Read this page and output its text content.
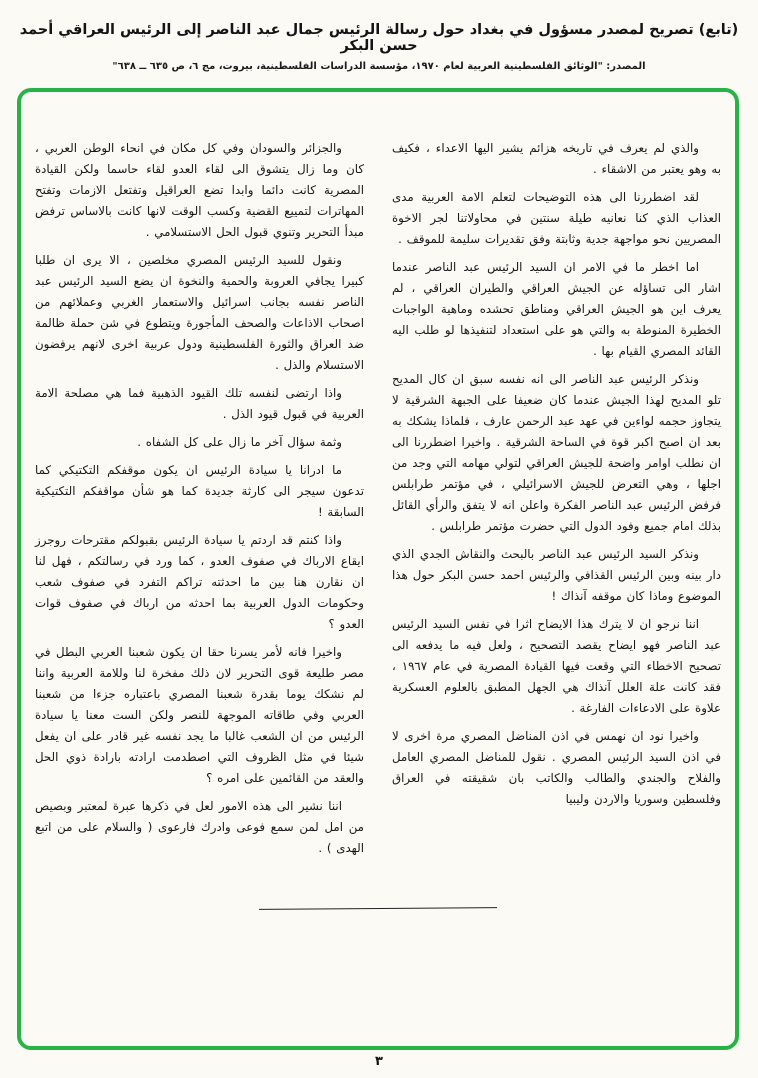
(تابع) تصريح لمصدر مسؤول في بغداد حول رسالة الرئيس جمال عبد الناصر إلى الرئيس العراقي أحمد حسن البكر
المصدر: "الوثائق الفلسطينية العربية لعام ١٩٧٠، مؤسسة الدراسات الفلسطينية، بيروت، مج ٦، ص ٦٣٥ ــ ٦٣٨"

والذي لم يعرف في تاريخه هزائم يشير اليها الاعداء ، فكيف به وهو يعتبر من الاشقاء .

لقد اضطررنا الى هذه التوضيحات لتعلم الامة العربية مدى العذاب الذي كنا نعانيه طيلة سنتين في محاولاتنا لجر الاخوة المصريين نحو مواجهة جدية وثابتة وفق تقديرات سليمة للموقف .

اما اخطر ما في الامر ان السيد الرئيس عبد الناصر عندما اشار الى تساؤله عن الجيش العراقي والطيران العراقي ، لم يعرف اين هو الجيش العراقي ومناطق تحشده وماهية الواجبات الخطيرة المنوطة به والتي هو على استعداد لتنفيذها لو طلب اليه القائد المصري القيام بها .

ونذكر الرئيس عبد الناصر الى انه نفسه سبق ان كال المديح تلو المديح لهذا الجيش عندما كان ضعيفا على الجبهة الشرقية لا يتجاوز حجمه لواءين في عهد عبد الرحمن عارف ، فلماذا يشكك به بعد ان اصبح اكبر قوة في الساحة الشرقية . واخيرا اضطررنا الى ان نطلب اوامر واضحة للجيش العراقي لتولي مهامه التي وجد من اجلها ، وهي التعرض للجيش الاسرائيلي ، في مؤتمر طرابلس فرفض الرئيس عبد الناصر الفكرة واعلن انه لا يتفق والرأي القائل بذلك امام جميع وفود الدول التي حضرت مؤتمر طرابلس .

ونذكر السيد الرئيس عبد الناصر بالبحث والنقاش الجدي الذي دار بينه وبين الرئيس القذافي والرئيس احمد حسن البكر حول هذا الموضوع وماذا كان موقفه آنذاك !

اننا نرجو ان لا يترك هذا الايضاح اثرا في نفس السيد الرئيس عبد الناصر فهو ايضاح يقصد التصحيح ، ولعل فيه ما يدفعه الى تصحيح الاخطاء التي وقعت فيها القيادة المصرية في عام ١٩٦٧ ، فقد كانت علة العلل آنذاك هي الجهل المطبق بالعلوم العسكرية علاوة على الادعاءات الفارغة .

واخيرا نود ان نهمس في اذن المناضل المصري مرة اخرى لا في اذن السيد الرئيس المصري . نقول للمناضل المصري العامل والفلاح والجندي والطالب والكاتب بان شقيقته في العراق وفلسطين وسوريا والاردن وليبيا

والجزائر والسودان وفي كل مكان في انحاء الوطن العربي ، كان وما زال يتشوق الى لقاء العدو لقاء حاسما ولكن القيادة المصرية كانت دائما وابدا تضع العراقيل وتفتعل الازمات وتفتح المهاترات لتمييع القضية وكسب الوقت لانها كانت بالاساس ترفض مبدأ التحرير وتنوي قبول الحل الاستسلامي .

ونقول للسيد الرئيس المصري مخلصين ، الا يرى ان طلبا كبيرا يجافي العروبة والحمية والنخوة ان يضع السيد الرئيس عبد الناصر نفسه بجانب اسرائيل والاستعمار الغربي وعملائهم من اصحاب الاذاعات والصحف المأجورة ويتطوع في شن حملة ظالمة ضد العراق والثورة الفلسطينية ودول عربية اخرى لانهم يرفضون الاستسلام والذل .

واذا ارتضى لنفسه تلك القيود الذهبية فما هي مصلحة الامة العربية في قبول قيود الذل .

وثمة سؤال آخر ما زال على كل الشفاه .

ما ادرانا يا سيادة الرئيس ان يكون موقفكم التكتيكي كما تدعون سيجر الى كارثة جديدة كما هو شأن مواقفكم التكتيكية السابقة !

واذا كنتم قد اردتم يا سيادة الرئيس بقبولكم مقترحات روجرز ايقاع الارباك في صفوف العدو ، كما ورد في رسالتكم ، فهل لنا ان نقارن هنا بين ما احدثته تراكم التفرد في صفوف شعب وحكومات الدول العربية بما احدثه من ارباك في صفوف قوات العدو ؟

واخيرا فانه لأمر يسرنا حقا ان يكون شعبنا العربي البطل في مصر طليعة قوى التحرير لان ذلك مفخرة لنا وللامة العربية واننا لم نشكك يوما بقدرة شعبنا المصري باعتباره جزءا من شعبنا العربي وفي طاقاته الموجهة للنصر ولكن الست معنا يا سيادة الرئيس من ان الشعب غالبا ما يجد نفسه غير قادر على ان يفعل شيئا في مثل الظروف التي اصطدمت ارادته بارادة ذوي الحل والعقد من القائمين على امره ؟

اننا نشير الى هذه الامور لعل في ذكرها عبرة لمعتبر وبصيص من امل لمن سمع فوعى وادرك فارعوى ( والسلام على من اتبع الهدى ) .

٣
